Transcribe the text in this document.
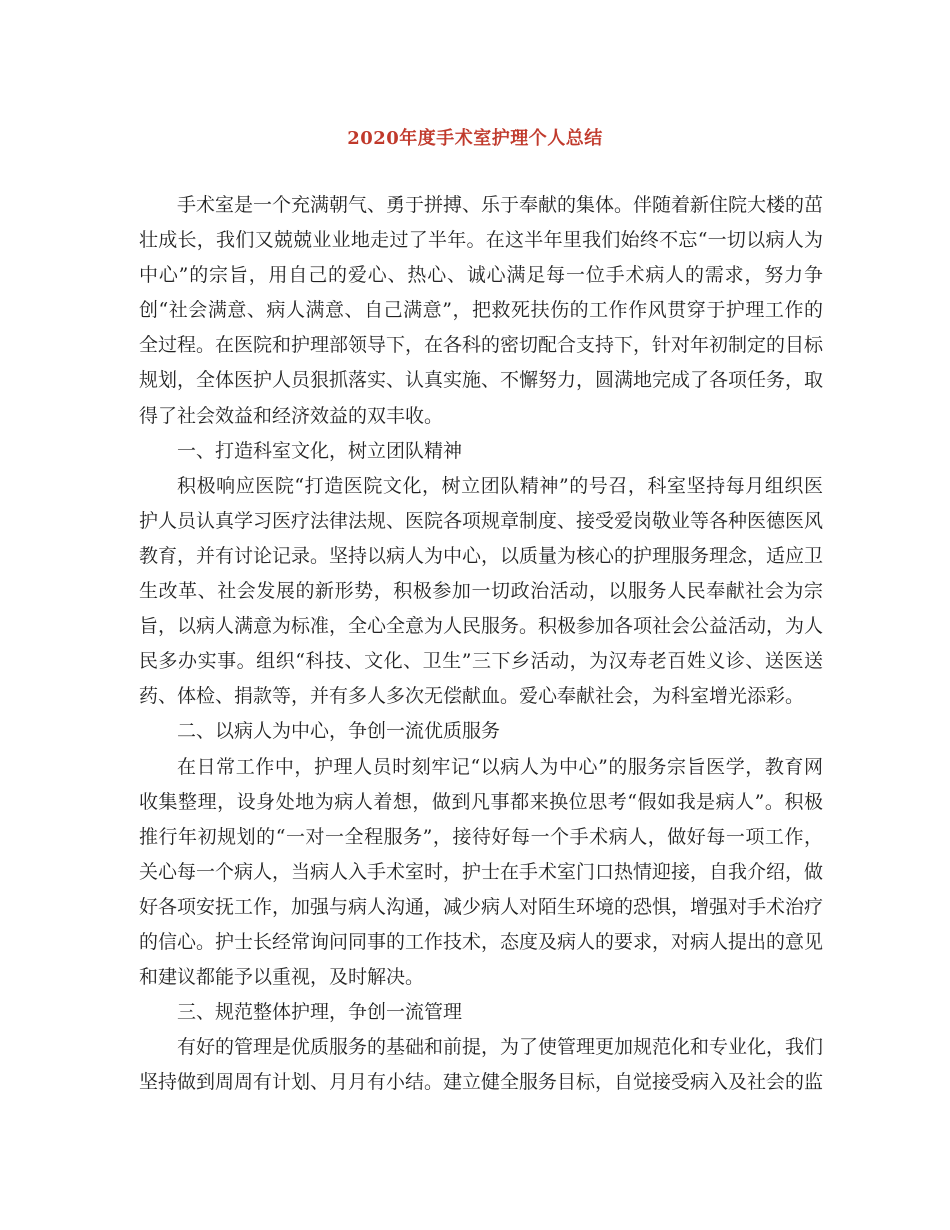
2020年度手术室护理个人总结

手术室是一个充满朝气、勇于拼搏、乐于奉献的集体。伴随着新住院大楼的茁壮成长，我们又兢兢业业地走过了半年。在这半年里我们始终不忘“一切以病人为中心”的宗旨，用自己的爱心、热心、诚心满足每一位手术病人的需求，努力争创“社会满意、病人满意、自己满意”，把救死扶伤的工作作风贯穿于护理工作的全过程。在医院和护理部领导下，在各科的密切配合支持下，针对年初制定的目标规划，全体医护人员狠抓落实、认真实施、不懈努力，圆满地完成了各项任务，取得了社会效益和经济效益的双丰收。

一、打造科室文化，树立团队精神

积极响应医院“打造医院文化，树立团队精神”的号召，科室坚持每月组织医护人员认真学习医疗法律法规、医院各项规章制度、接受爱岗敬业等各种医德医风教育，并有讨论记录。坚持以病人为中心，以质量为核心的护理服务理念，适应卫生改革、社会发展的新形势，积极参加一切政治活动，以服务人民奉献社会为宗旨，以病人满意为标准，全心全意为人民服务。积极参加各项社会公益活动，为人民多办实事。组织“科技、文化、卫生”三下乡活动，为汉寿老百姓义诊、送医送药、体检、捐款等，并有多人多次无偿献血。爱心奉献社会，为科室增光添彩。

二、以病人为中心，争创一流优质服务

在日常工作中，护理人员时刻牢记“以病人为中心”的服务宗旨医学，教育网收集整理，设身处地为病人着想，做到凡事都来换位思考“假如我是病人”。积极推行年初规划的“一对一全程服务”，接待好每一个手术病人，做好每一项工作，关心每一个病人，当病人入手术室时，护士在手术室门口热情迎接，自我介绍，做好各项安抚工作，加强与病人沟通，减少病人对陌生环境的恐惧，增强对手术治疗的信心。护士长经常询问同事的工作技术，态度及病人的要求，对病人提出的意见和建议都能予以重视，及时解决。

三、规范整体护理，争创一流管理

有好的管理是优质服务的基础和前提，为了使管理更加规范化和专业化，我们坚持做到周周有计划、月月有小结。建立健全服务目标，自觉接受病入及社会的监
